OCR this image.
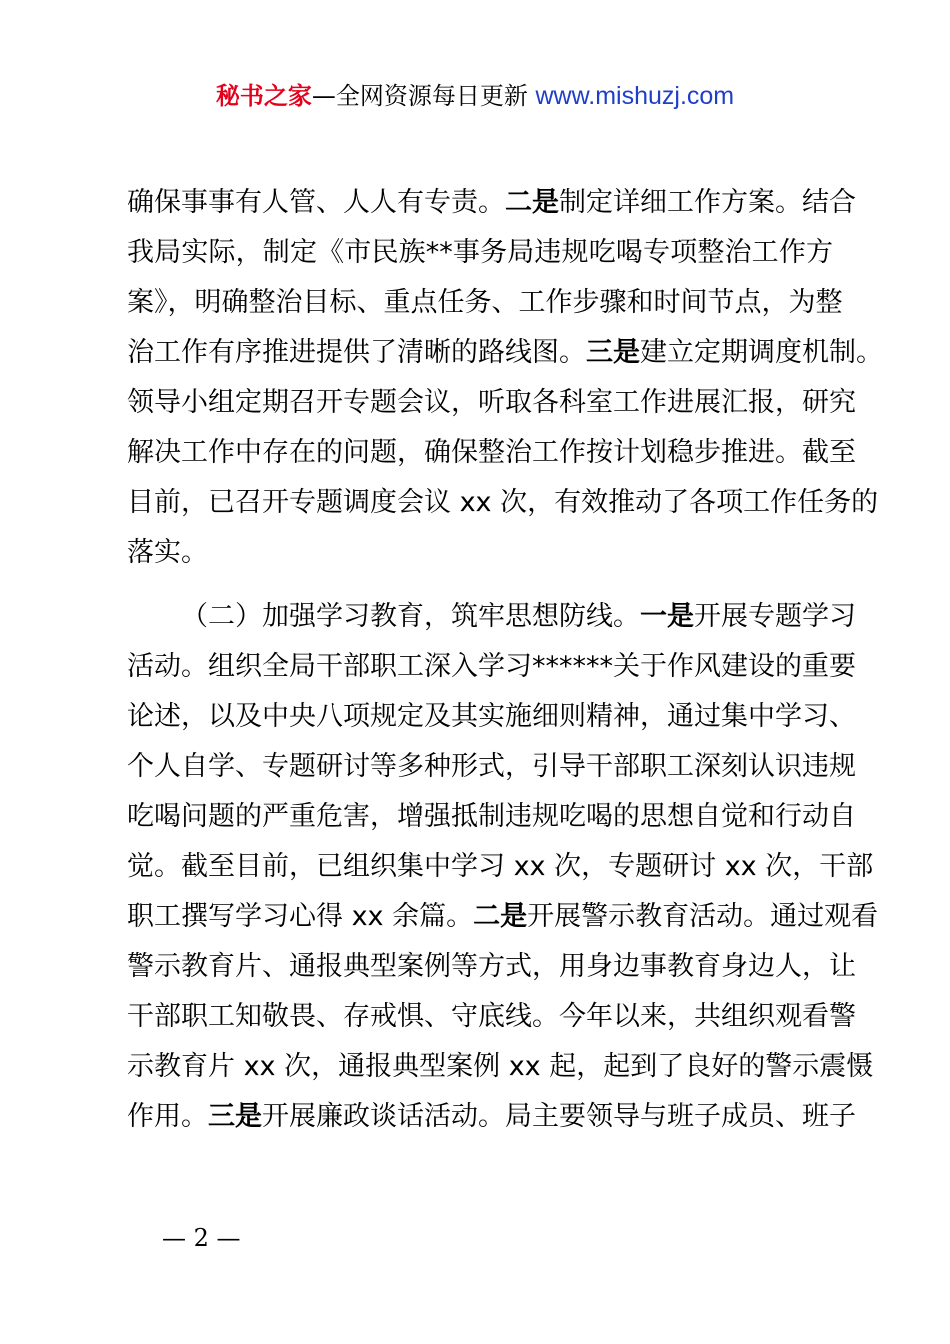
秘书之家—全网资源每日更新 www.mishuzj.com
确保事事有人管、人人有专责。二是制定详细工作方案。结合
我局实际，制定《市民族**事务局违规吃喝专项整治工作方
案》，明确整治目标、重点任务、工作步骤和时间节点，为整
治工作有序推进提供了清晰的路线图。三是建立定期调度机制。
领导小组定期召开专题会议，听取各科室工作进展汇报，研究
解决工作中存在的问题，确保整治工作按计划稳步推进。截至
目前，已召开专题调度会议 xx 次，有效推动了各项工作任务的
落实。
（二）加强学习教育，筑牢思想防线。一是开展专题学习
活动。组织全局干部职工深入学习******关于作风建设的重要
论述，以及中央八项规定及其实施细则精神，通过集中学习、
个人自学、专题研讨等多种形式，引导干部职工深刻认识违规
吃喝问题的严重危害，增强抵制违规吃喝的思想自觉和行动自
觉。截至目前，已组织集中学习 xx 次，专题研讨 xx 次，干部
职工撰写学习心得 xx 余篇。二是开展警示教育活动。通过观看
警示教育片、通报典型案例等方式，用身边事教育身边人，让
干部职工知敬畏、存戒惧、守底线。今年以来，共组织观看警
示教育片 xx 次，通报典型案例 xx 起，起到了良好的警示震慑
作用。三是开展廉政谈话活动。局主要领导与班子成员、班子
— 2 —
